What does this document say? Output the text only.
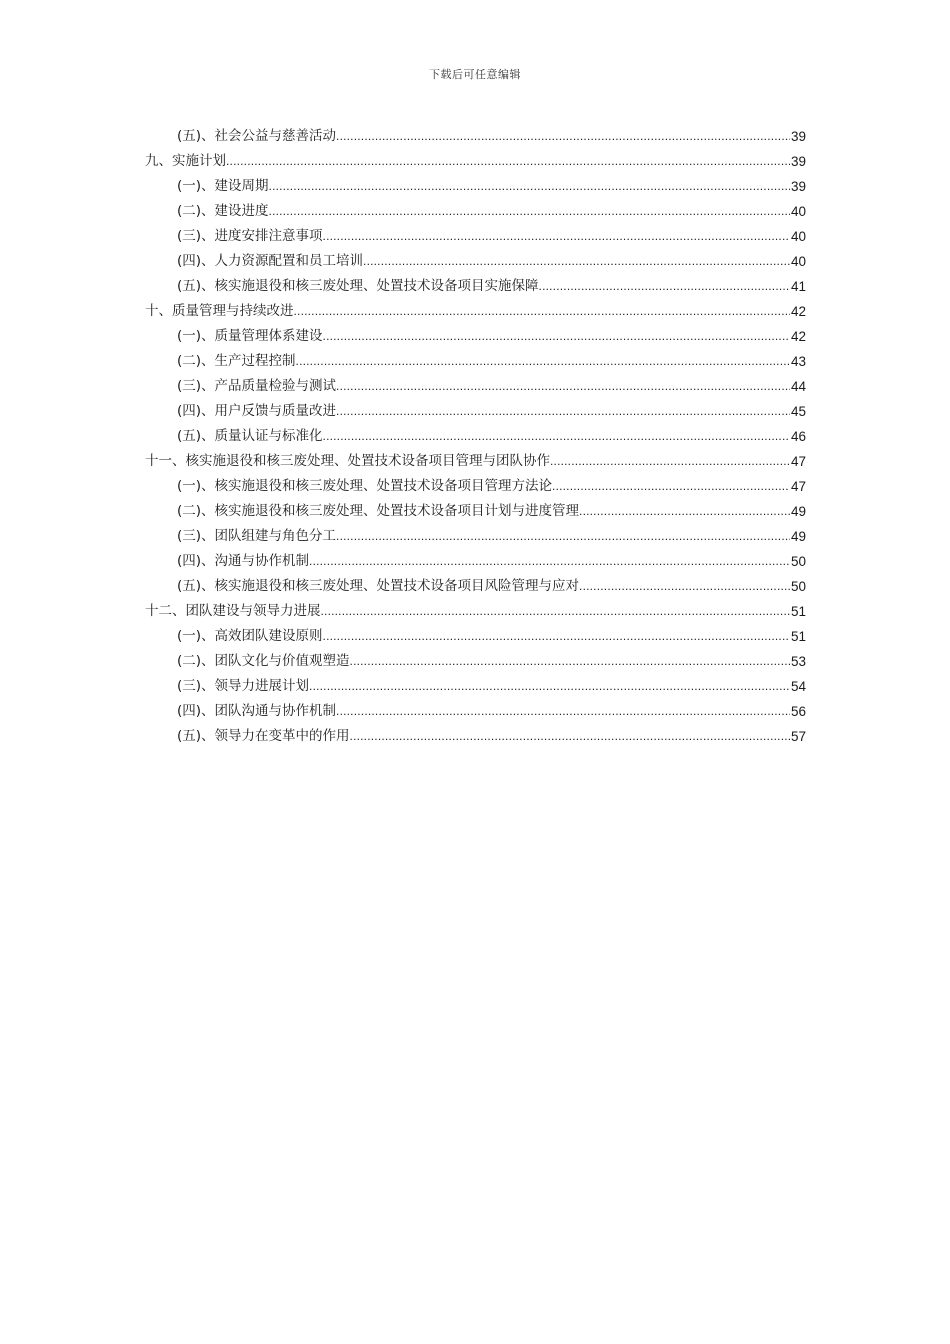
下载后可任意编辑
(五)、社会公益与慈善活动 .....	39
九、实施计划 .....	39
(一)、建设周期 .....	39
(二)、建设进度 .....	40
(三)、进度安排注意事项 .....	40
(四)、人力资源配置和员工培训 .....	40
(五)、核实施退役和核三废处理、处置技术设备项目实施保障 .....	41
十、质量管理与持续改进 .....	42
(一)、质量管理体系建设 .....	42
(二)、生产过程控制 .....	43
(三)、产品质量检验与测试 .....	44
(四)、用户反馈与质量改进 .....	45
(五)、质量认证与标准化 .....	46
十一、核实施退役和核三废处理、处置技术设备项目管理与团队协作 .....	47
(一)、核实施退役和核三废处理、处置技术设备项目管理方法论 .....	47
(二)、核实施退役和核三废处理、处置技术设备项目计划与进度管理 .....	49
(三)、团队组建与角色分工 .....	49
(四)、沟通与协作机制 .....	50
(五)、核实施退役和核三废处理、处置技术设备项目风险管理与应对 .....	50
十二、团队建设与领导力进展 .....	51
(一)、高效团队建设原则 .....	51
(二)、团队文化与价值观塑造 .....	53
(三)、领导力进展计划 .....	54
(四)、团队沟通与协作机制 .....	56
(五)、领导力在变革中的作用 .....	57
